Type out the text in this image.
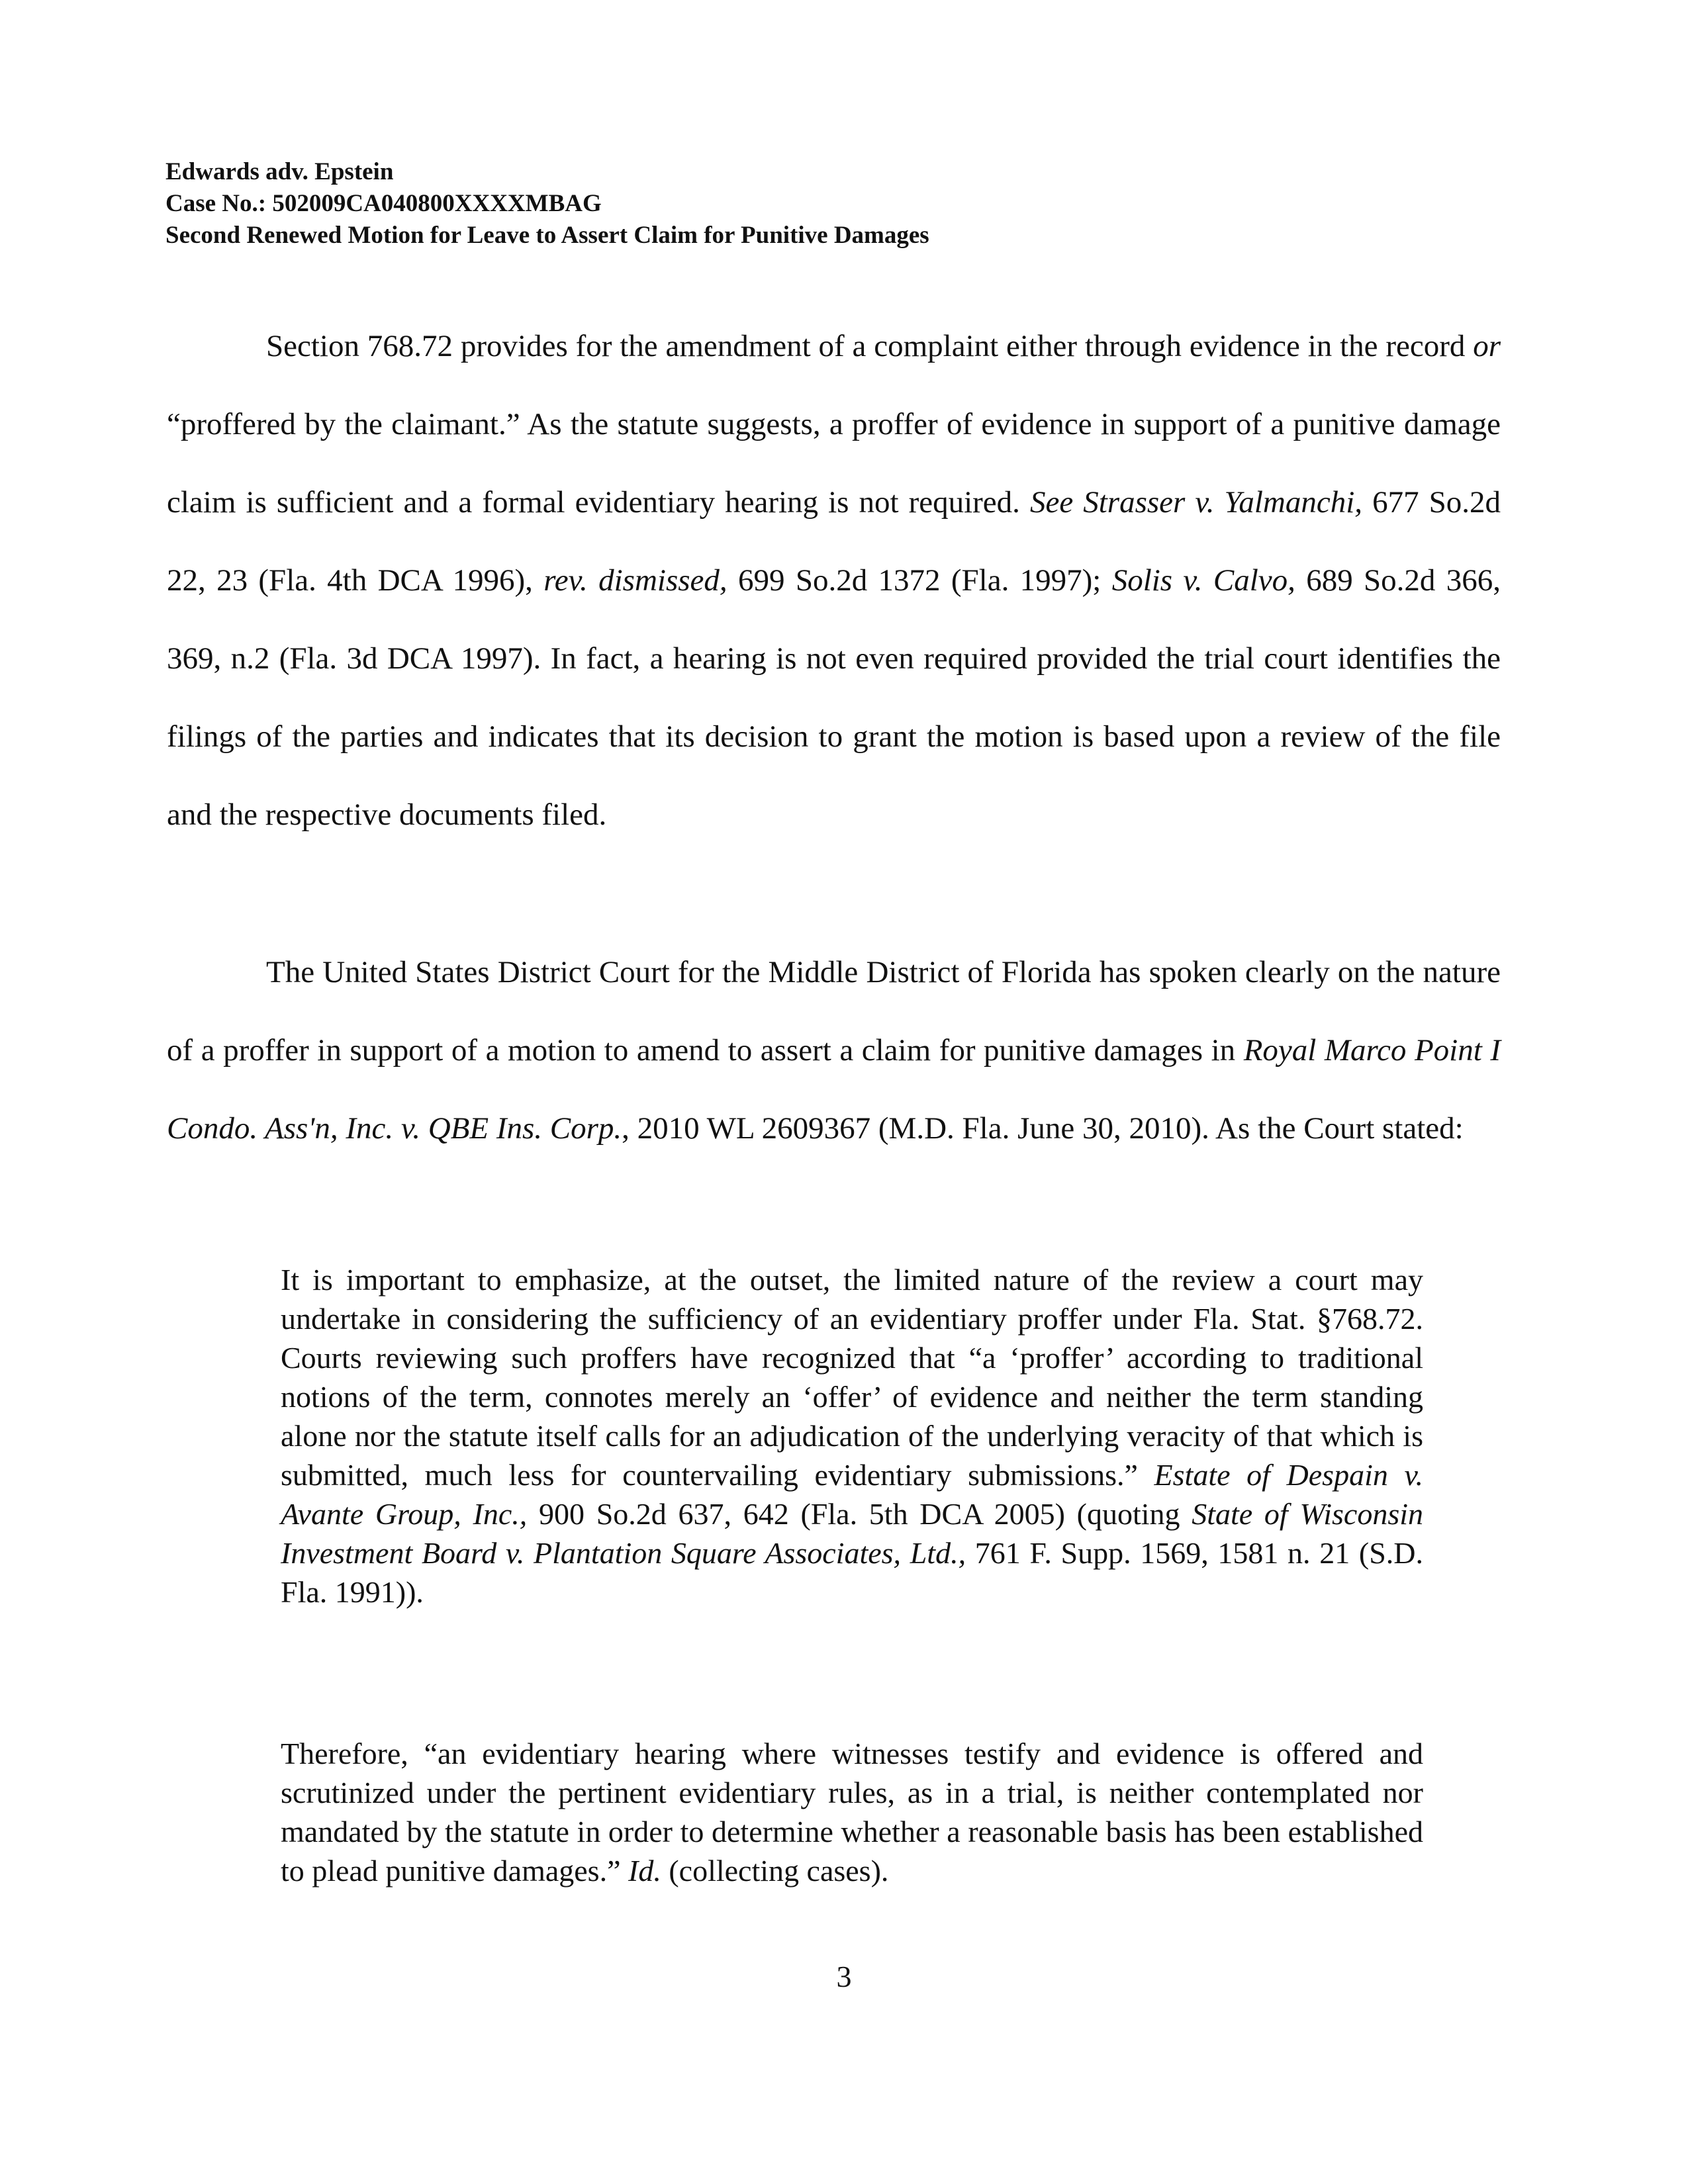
Edwards adv. Epstein
Case No.: 502009CA040800XXXXMBAG
Second Renewed Motion for Leave to Assert Claim for Punitive Damages

Section 768.72 provides for the amendment of a complaint either through evidence in the record or “proffered by the claimant.” As the statute suggests, a proffer of evidence in support of a punitive damage claim is sufficient and a formal evidentiary hearing is not required. See Strasser v. Yalmanchi, 677 So.2d 22, 23 (Fla. 4th DCA 1996), rev. dismissed, 699 So.2d 1372 (Fla. 1997); Solis v. Calvo, 689 So.2d 366, 369, n.2 (Fla. 3d DCA 1997). In fact, a hearing is not even required provided the trial court identifies the filings of the parties and indicates that its decision to grant the motion is based upon a review of the file and the respective documents filed.

The United States District Court for the Middle District of Florida has spoken clearly on the nature of a proffer in support of a motion to amend to assert a claim for punitive damages in Royal Marco Point I Condo. Ass'n, Inc. v. QBE Ins. Corp., 2010 WL 2609367 (M.D. Fla. June 30, 2010). As the Court stated:

It is important to emphasize, at the outset, the limited nature of the review a court may undertake in considering the sufficiency of an evidentiary proffer under Fla. Stat. §768.72. Courts reviewing such proffers have recognized that “a ‘proffer’ according to traditional notions of the term, connotes merely an ‘offer’ of evidence and neither the term standing alone nor the statute itself calls for an adjudication of the underlying veracity of that which is submitted, much less for countervailing evidentiary submissions.” Estate of Despain v. Avante Group, Inc., 900 So.2d 637, 642 (Fla. 5th DCA 2005) (quoting State of Wisconsin Investment Board v. Plantation Square Associates, Ltd., 761 F. Supp. 1569, 1581 n. 21 (S.D. Fla. 1991)).

Therefore, “an evidentiary hearing where witnesses testify and evidence is offered and scrutinized under the pertinent evidentiary rules, as in a trial, is neither contemplated nor mandated by the statute in order to determine whether a reasonable basis has been established to plead punitive damages.” Id. (collecting cases).

3
